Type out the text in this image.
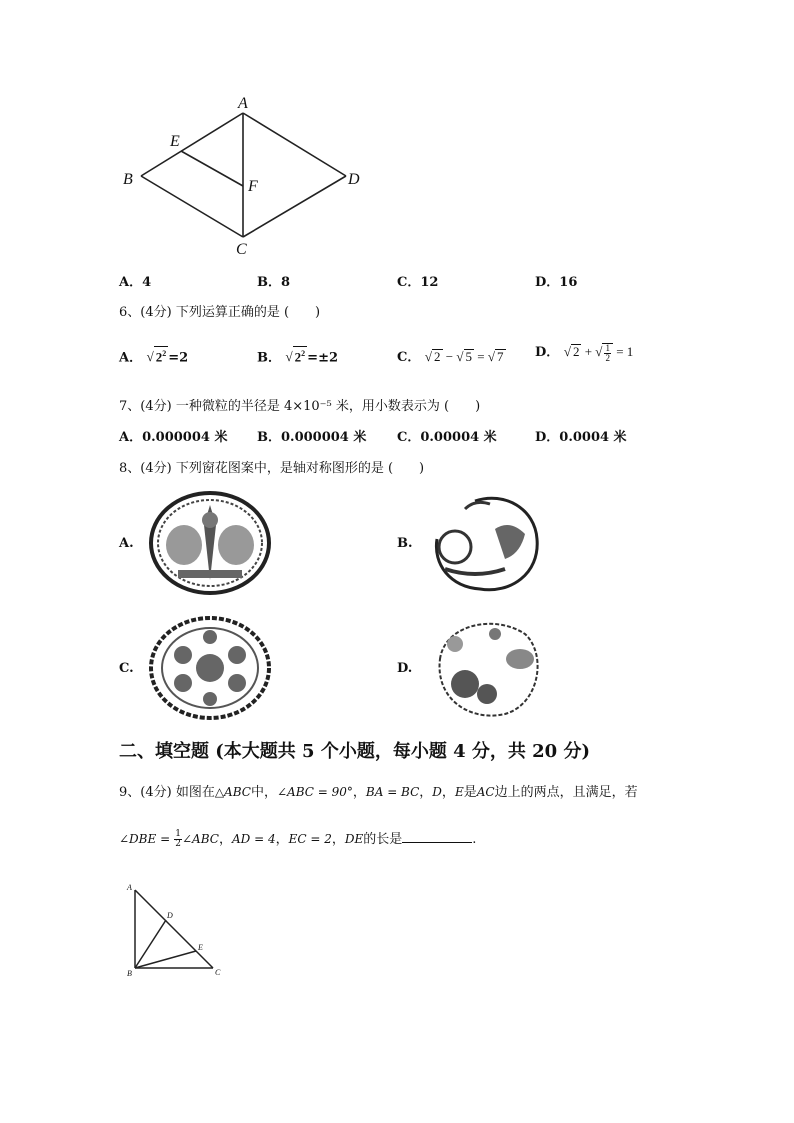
A
B
C
D
E
F
A．4	B．8	C．12	D．16
6、(4分) 下列运算正确的是 (　　)
A． √ $2^2 =2$	B． √ $2^2 =\pm 2$	C． √ 2 − √ 5 = √ 7 D． √ 2 + √ $\frac{1}{2} = 1$
7、(4分) 一种微粒的半径是 4×10⁻⁵ 米，用小数表示为 (　　)
A．0.000004 米 B．0.000004 米 C．0.00004 米	D．0.0004 米
8、(4分) 下列窗花图案中，是轴对称图形的是 (　　)
A.	B.
C.	D.
二、填空题 (本大题共 5 个小题，每小题 4 分，共 20 分)
9、(4分) 如图在△ABC中，∠ABC = 90°，BA = BC，D，E是AC边上的两点，且满足，若
∠DBE = $\frac{1}{2}$ ∠ABC，AD = 4，EC = 2，DE的长是	.
A
B	C
D
E
